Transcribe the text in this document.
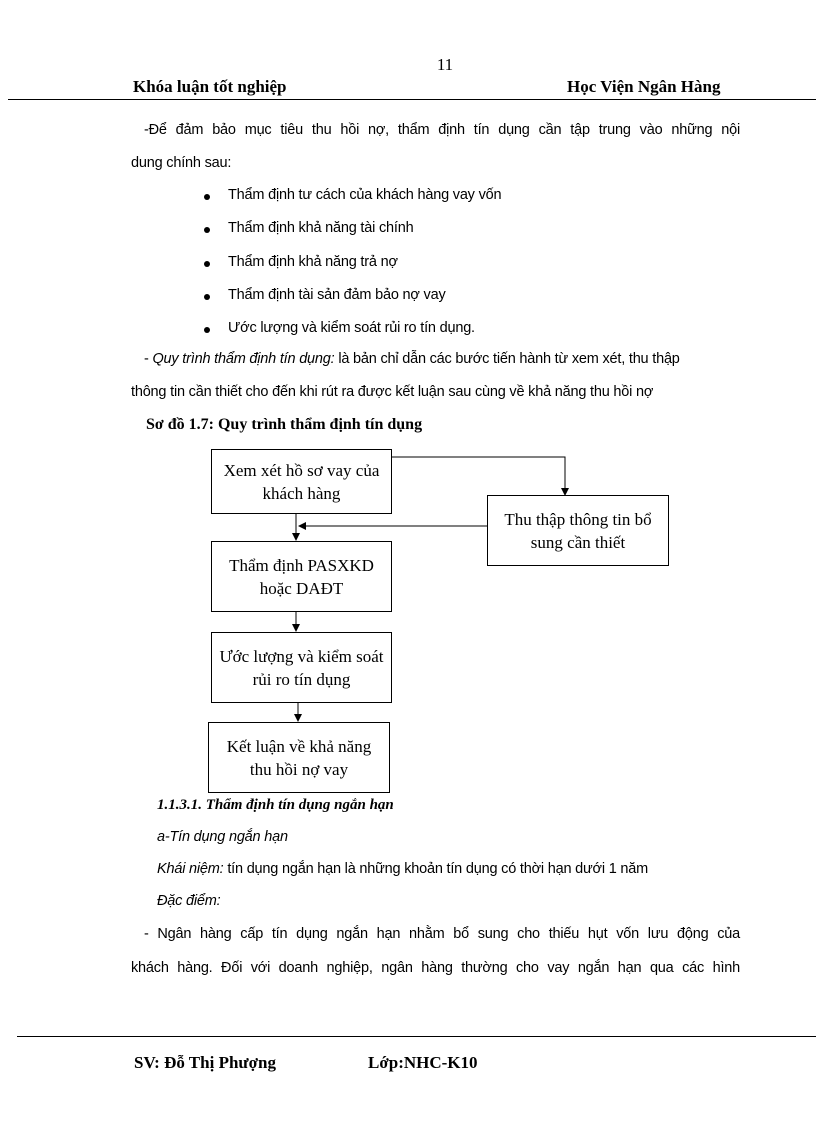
11
Khóa luận tốt nghiệp	Học Viện Ngân Hàng
-Để đảm bảo mục tiêu thu hồi nợ, thẩm định tín dụng cần tập trung vào những nội
dung chính sau:
Thẩm định tư cách của khách hàng vay vốn
Thẩm định khả năng tài chính
Thẩm định khả năng trả nợ
Thẩm định tài sản đảm bảo nợ vay
Ước lượng và kiểm soát rủi ro tín dụng.
- Quy trình thẩm định tín dụng: là bản chỉ dẫn các bước tiến hành từ xem xét, thu thập
thông tin cần thiết cho đến khi rút ra được kết luận sau cùng về khả năng thu hồi nợ
Sơ đồ 1.7: Quy trình thẩm định tín dụng
Xem xét hồ sơ vay của khách hàng
Thu thập thông tin bổ sung cần thiết
Thẩm định PASXKD hoặc DAĐT
Ước lượng và kiểm soát rủi ro tín dụng
Kết luận về khả năng thu hồi nợ vay
1.1.3.1. Thẩm định tín dụng ngắn hạn
a-Tín dụng ngắn hạn
Khái niệm: tín dụng ngắn hạn là những khoản tín dụng có thời hạn dưới 1 năm
Đặc điểm:
- Ngân hàng cấp tín dụng ngắn hạn nhằm bổ sung cho thiếu hụt vốn lưu động của
khách hàng. Đối với doanh nghiệp, ngân hàng thường cho vay ngắn hạn qua các hình
SV: Đỗ Thị Phượng	Lớp:NHC-K10
